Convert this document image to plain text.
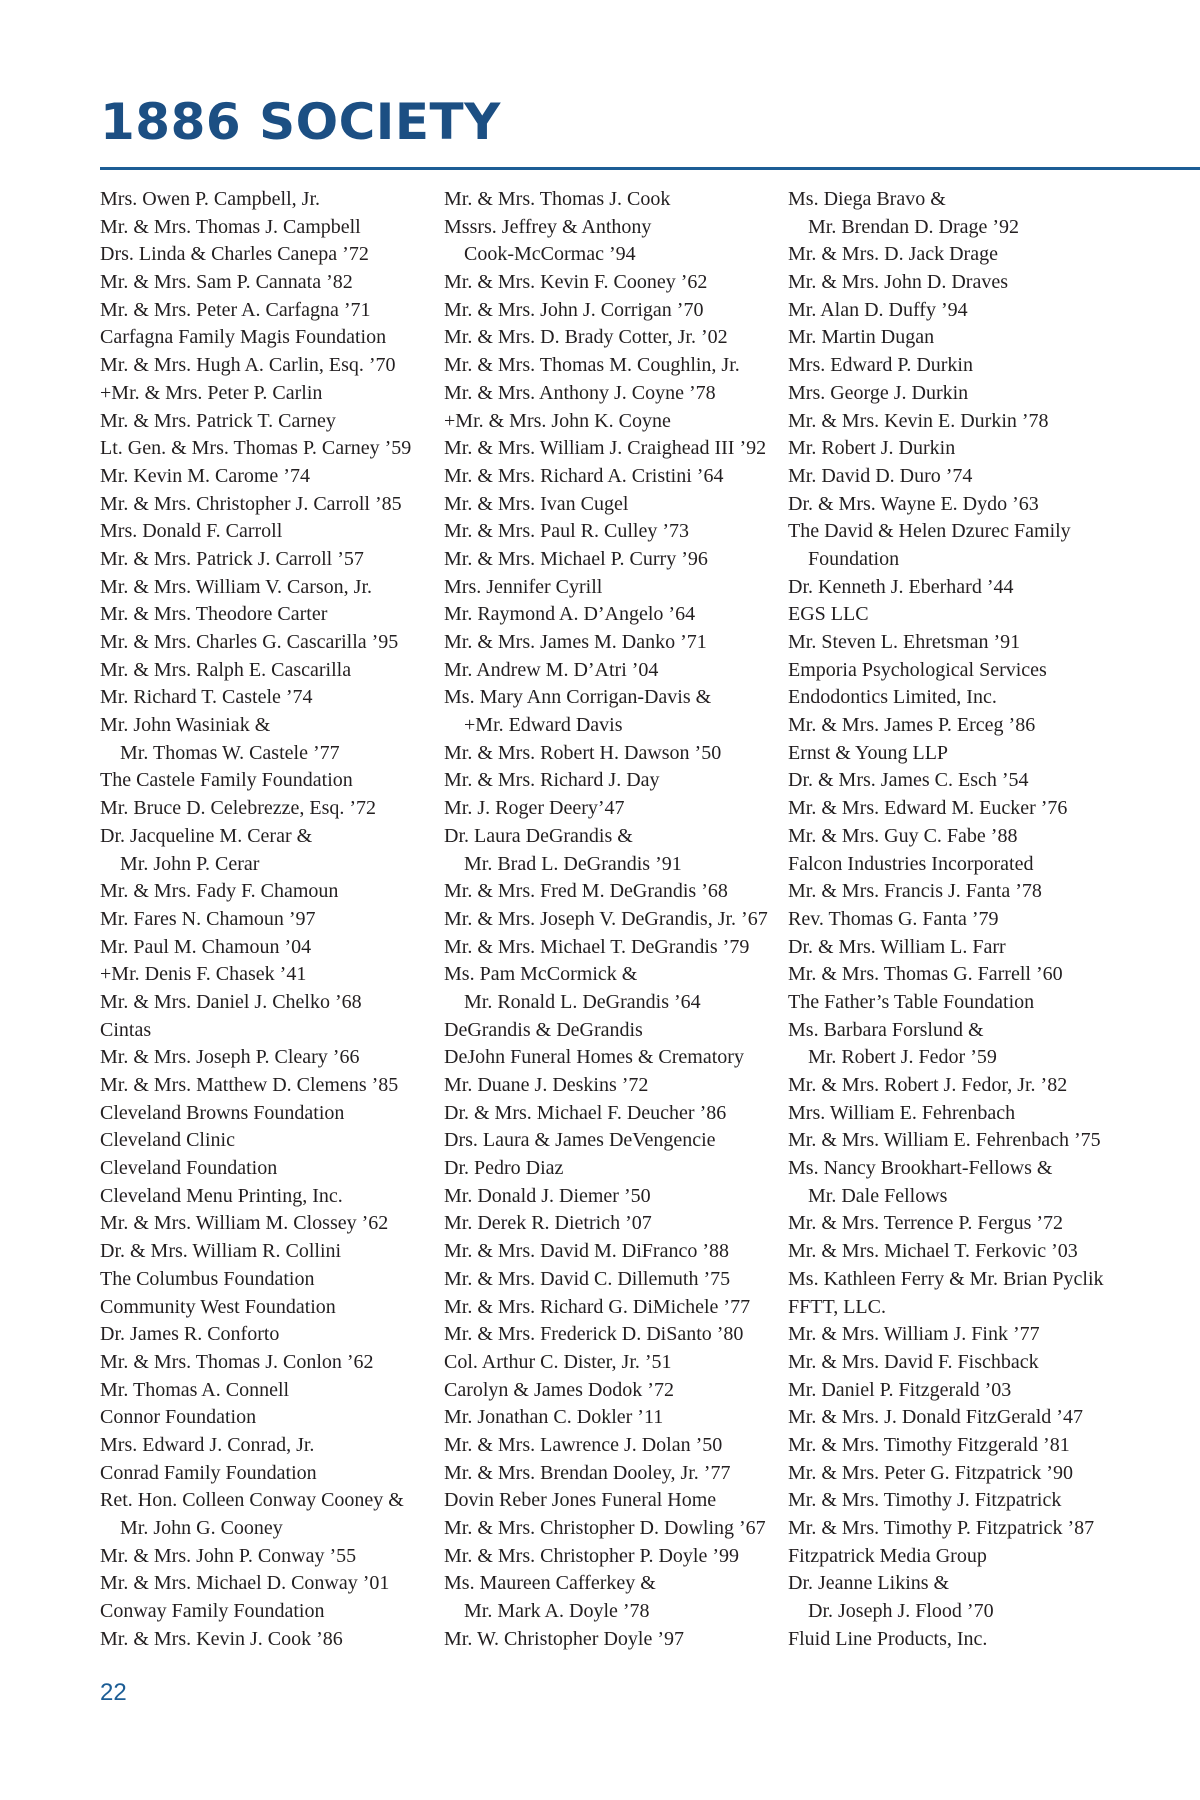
1886 SOCIETY
Mrs. Owen P. Campbell, Jr.
Mr. & Mrs. Thomas J. Campbell
Drs. Linda & Charles Canepa ’72
Mr. & Mrs. Sam P. Cannata ’82
Mr. & Mrs. Peter A. Carfagna ’71
Carfagna Family Magis Foundation
Mr. & Mrs. Hugh A. Carlin, Esq. ’70
+Mr. & Mrs. Peter P. Carlin
Mr. & Mrs. Patrick T. Carney
Lt. Gen. & Mrs. Thomas P. Carney ’59
Mr. Kevin M. Carome ’74
Mr. & Mrs. Christopher J. Carroll ’85
Mrs. Donald F. Carroll
Mr. & Mrs. Patrick J. Carroll ’57
Mr. & Mrs. William V. Carson, Jr.
Mr. & Mrs. Theodore Carter
Mr. & Mrs. Charles G. Cascarilla ’95
Mr. & Mrs. Ralph E. Cascarilla
Mr. Richard T. Castele ’74
Mr. John Wasiniak &
Mr. Thomas W. Castele ’77
The Castele Family Foundation
Mr. Bruce D. Celebrezze, Esq. ’72
Dr. Jacqueline M. Cerar &
Mr. John P. Cerar
Mr. & Mrs. Fady F. Chamoun
Mr. Fares N. Chamoun ’97
Mr. Paul M. Chamoun ’04
+Mr. Denis F. Chasek ’41
Mr. & Mrs. Daniel J. Chelko ’68
Cintas
Mr. & Mrs. Joseph P. Cleary ’66
Mr. & Mrs. Matthew D. Clemens ’85
Cleveland Browns Foundation
Cleveland Clinic
Cleveland Foundation
Cleveland Menu Printing, Inc.
Mr. & Mrs. William M. Clossey ’62
Dr. & Mrs. William R. Collini
The Columbus Foundation
Community West Foundation
Dr. James R. Conforto
Mr. & Mrs. Thomas J. Conlon ’62
Mr. Thomas A. Connell
Connor Foundation
Mrs. Edward J. Conrad, Jr.
Conrad Family Foundation
Ret. Hon. Colleen Conway Cooney &
Mr. John G. Cooney
Mr. & Mrs. John P. Conway ’55
Mr. & Mrs. Michael D. Conway ’01
Conway Family Foundation
Mr. & Mrs. Kevin J. Cook ’86
Mr. & Mrs. Thomas J. Cook
Mssrs. Jeffrey & Anthony
Cook-McCormac ’94
Mr. & Mrs. Kevin F. Cooney ’62
Mr. & Mrs. John J. Corrigan ’70
Mr. & Mrs. D. Brady Cotter, Jr. ’02
Mr. & Mrs. Thomas M. Coughlin, Jr.
Mr. & Mrs. Anthony J. Coyne ’78
+Mr. & Mrs. John K. Coyne
Mr. & Mrs. William J. Craighead III ’92
Mr. & Mrs. Richard A. Cristini ’64
Mr. & Mrs. Ivan Cugel
Mr. & Mrs. Paul R. Culley ’73
Mr. & Mrs. Michael P. Curry ’96
Mrs. Jennifer Cyrill
Mr. Raymond A. D’Angelo ’64
Mr. & Mrs. James M. Danko ’71
Mr. Andrew M. D’Atri ’04
Ms. Mary Ann Corrigan-Davis &
+Mr. Edward Davis
Mr. & Mrs. Robert H. Dawson ’50
Mr. & Mrs. Richard J. Day
Mr. J. Roger Deery’47
Dr. Laura DeGrandis &
Mr. Brad L. DeGrandis ’91
Mr. & Mrs. Fred M. DeGrandis ’68
Mr. & Mrs. Joseph V. DeGrandis, Jr. ’67
Mr. & Mrs. Michael T. DeGrandis ’79
Ms. Pam McCormick &
Mr. Ronald L. DeGrandis ’64
DeGrandis & DeGrandis
DeJohn Funeral Homes & Crematory
Mr. Duane J. Deskins ’72
Dr. & Mrs. Michael F. Deucher ’86
Drs. Laura & James DeVengencie
Dr. Pedro Diaz
Mr. Donald J. Diemer ’50
Mr. Derek R. Dietrich ’07
Mr. & Mrs. David M. DiFranco ’88
Mr. & Mrs. David C. Dillemuth ’75
Mr. & Mrs. Richard G. DiMichele ’77
Mr. & Mrs. Frederick D. DiSanto ’80
Col. Arthur C. Dister, Jr. ’51
Carolyn & James Dodok ’72
Mr. Jonathan C. Dokler ’11
Mr. & Mrs. Lawrence J. Dolan ’50
Mr. & Mrs. Brendan Dooley, Jr. ’77
Dovin Reber Jones Funeral Home
Mr. & Mrs. Christopher D. Dowling ’67
Mr. & Mrs. Christopher P. Doyle ’99
Ms. Maureen Cafferkey &
Mr. Mark A. Doyle ’78
Mr. W. Christopher Doyle ’97
Ms. Diega Bravo &
Mr. Brendan D. Drage ’92
Mr. & Mrs. D. Jack Drage
Mr. & Mrs. John D. Draves
Mr. Alan D. Duffy ’94
Mr. Martin Dugan
Mrs. Edward P. Durkin
Mrs. George J. Durkin
Mr. & Mrs. Kevin E. Durkin ’78
Mr. Robert J. Durkin
Mr. David D. Duro ’74
Dr. & Mrs. Wayne E. Dydo ’63
The David & Helen Dzurec Family
Foundation
Dr. Kenneth J. Eberhard ’44
EGS LLC
Mr. Steven L. Ehretsman ’91
Emporia Psychological Services
Endodontics Limited, Inc.
Mr. & Mrs. James P. Erceg ’86
Ernst & Young LLP
Dr. & Mrs. James C. Esch ’54
Mr. & Mrs. Edward M. Eucker ’76
Mr. & Mrs. Guy C. Fabe ’88
Falcon Industries Incorporated
Mr. & Mrs. Francis J. Fanta ’78
Rev. Thomas G. Fanta ’79
Dr. & Mrs. William L. Farr
Mr. & Mrs. Thomas G. Farrell ’60
The Father’s Table Foundation
Ms. Barbara Forslund &
Mr. Robert J. Fedor ’59
Mr. & Mrs. Robert J. Fedor, Jr. ’82
Mrs. William E. Fehrenbach
Mr. & Mrs. William E. Fehrenbach ’75
Ms. Nancy Brookhart-Fellows &
Mr. Dale Fellows
Mr. & Mrs. Terrence P. Fergus ’72
Mr. & Mrs. Michael T. Ferkovic ’03
Ms. Kathleen Ferry & Mr. Brian Pyclik
FFTT, LLC.
Mr. & Mrs. William J. Fink ’77
Mr. & Mrs. David F. Fischback
Mr. Daniel P. Fitzgerald ’03
Mr. & Mrs. J. Donald FitzGerald ’47
Mr. & Mrs. Timothy Fitzgerald ’81
Mr. & Mrs. Peter G. Fitzpatrick ’90
Mr. & Mrs. Timothy J. Fitzpatrick
Mr. & Mrs. Timothy P. Fitzpatrick ’87
Fitzpatrick Media Group
Dr. Jeanne Likins &
Dr. Joseph J. Flood ’70
Fluid Line Products, Inc.
22
